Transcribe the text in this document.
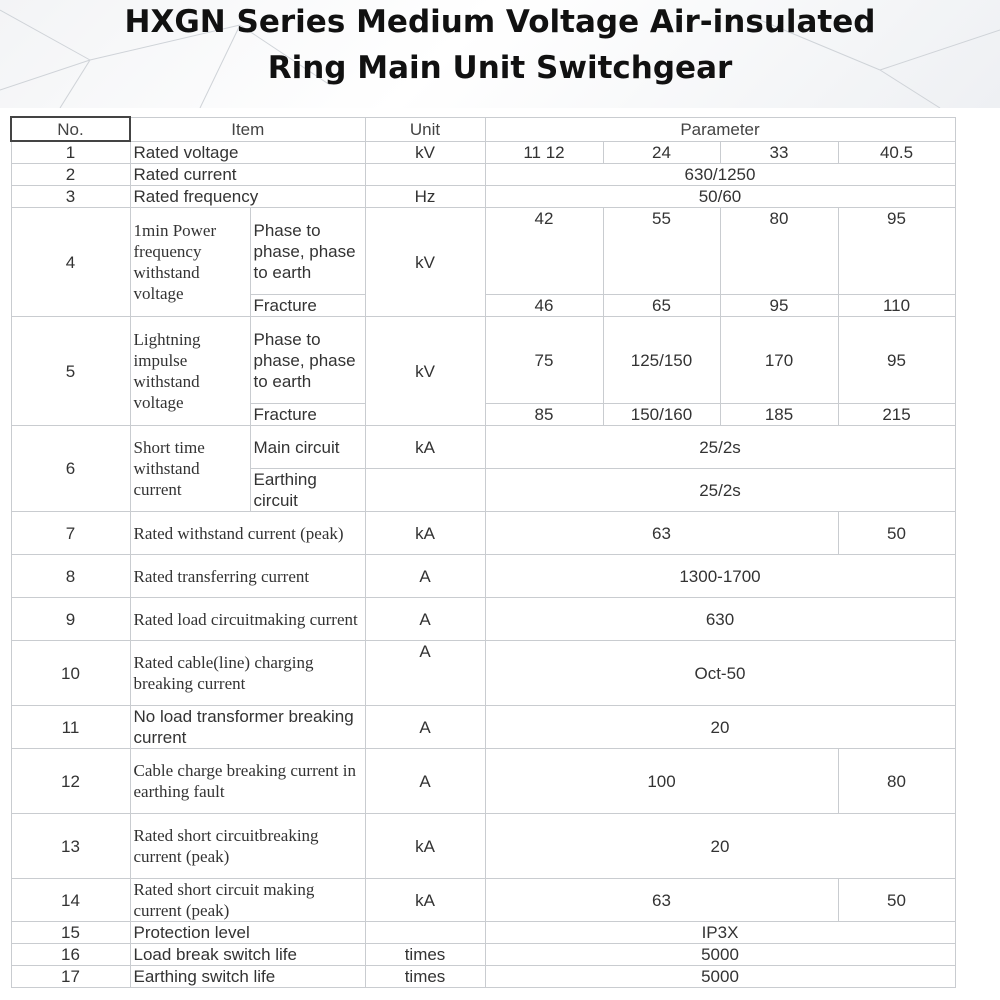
HXGN Series Medium Voltage Air-insulated
Ring Main Unit Switchgear
No.	Item		Unit	Parameter			
1	Rated voltage		kV	11 12	24	33	40.5
2	Rated current			630/1250			
3	Rated frequency		Hz	50/60			
4	1min Power frequency withstand voltage	Phase to phase, phase to earth	kV	42	55	80	95
		Fracture		46	65	95	110
5	Lightning impulse withstand voltage	Phase to phase, phase to earth	kV	75	125/150	170	95
		Fracture		85	150/160	185	215
6	Short time withstand current	Main circuit	kA	25/2s			
		Earthing circuit		25/2s			
7	Rated withstand current (peak)		kA	63			50
8	Rated transferring current		A	1300-1700			
9	Rated load circuitmaking current		A	630			
10	Rated cable(line) charging breaking current		A	Oct-50			
11	No load transformer breaking current		A	20			
12	Cable charge breaking current in earthing fault		A	100			80
13	Rated short circuitbreaking current (peak)		kA	20			
14	Rated short circuit making current (peak)		kA	63			50
15	Protection level			IP3X			
16	Load break switch life		times	5000			
17	Earthing switch life		times	5000			
